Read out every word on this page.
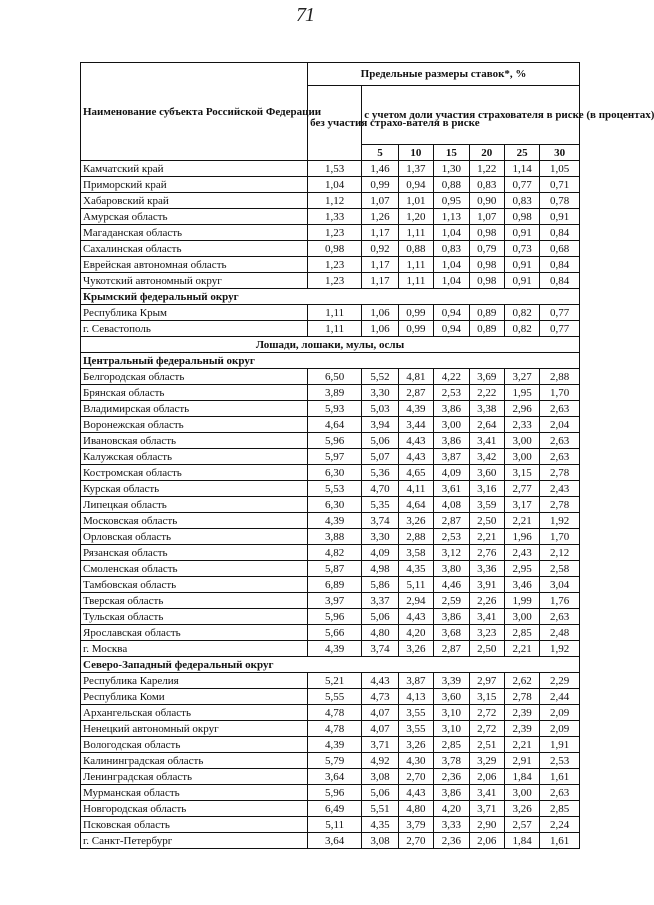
71
Наименование субъекта Российской Федерации	Предельные размеры ставок*, %						
	без участия страхо-вателя в риске	с учетом доли участия страхователя в риске (в процентах)					
		5	10	15	20	25	30
Камчатский край	1,53	1,46	1,37	1,30	1,22	1,14	1,05
Приморский край	1,04	0,99	0,94	0,88	0,83	0,77	0,71
Хабаровский край	1,12	1,07	1,01	0,95	0,90	0,83	0,78
Амурская область	1,33	1,26	1,20	1,13	1,07	0,98	0,91
Магаданская область	1,23	1,17	1,11	1,04	0,98	0,91	0,84
Сахалинская область	0,98	0,92	0,88	0,83	0,79	0,73	0,68
Еврейская автономная область	1,23	1,17	1,11	1,04	0,98	0,91	0,84
Чукотский автономный округ	1,23	1,17	1,11	1,04	0,98	0,91	0,84
Крымский федеральный округ							
Республика Крым	1,11	1,06	0,99	0,94	0,89	0,82	0,77
г. Севастополь	1,11	1,06	0,99	0,94	0,89	0,82	0,77
Лошади, лошаки, мулы, ослы							
Центральный федеральный округ							
Белгородская область	6,50	5,52	4,81	4,22	3,69	3,27	2,88
Брянская область	3,89	3,30	2,87	2,53	2,22	1,95	1,70
Владимирская область	5,93	5,03	4,39	3,86	3,38	2,96	2,63
Воронежская область	4,64	3,94	3,44	3,00	2,64	2,33	2,04
Ивановская область	5,96	5,06	4,43	3,86	3,41	3,00	2,63
Калужская область	5,97	5,07	4,43	3,87	3,42	3,00	2,63
Костромская область	6,30	5,36	4,65	4,09	3,60	3,15	2,78
Курская область	5,53	4,70	4,11	3,61	3,16	2,77	2,43
Липецкая область	6,30	5,35	4,64	4,08	3,59	3,17	2,78
Московская область	4,39	3,74	3,26	2,87	2,50	2,21	1,92
Орловская область	3,88	3,30	2,88	2,53	2,21	1,96	1,70
Рязанская область	4,82	4,09	3,58	3,12	2,76	2,43	2,12
Смоленская область	5,87	4,98	4,35	3,80	3,36	2,95	2,58
Тамбовская область	6,89	5,86	5,11	4,46	3,91	3,46	3,04
Тверская область	3,97	3,37	2,94	2,59	2,26	1,99	1,76
Тульская область	5,96	5,06	4,43	3,86	3,41	3,00	2,63
Ярославская область	5,66	4,80	4,20	3,68	3,23	2,85	2,48
г. Москва	4,39	3,74	3,26	2,87	2,50	2,21	1,92
Северо-Западный федеральный округ							
Республика Карелия	5,21	4,43	3,87	3,39	2,97	2,62	2,29
Республика Коми	5,55	4,73	4,13	3,60	3,15	2,78	2,44
Архангельская область	4,78	4,07	3,55	3,10	2,72	2,39	2,09
Ненецкий автономный округ	4,78	4,07	3,55	3,10	2,72	2,39	2,09
Вологодская область	4,39	3,71	3,26	2,85	2,51	2,21	1,91
Калининградская область	5,79	4,92	4,30	3,78	3,29	2,91	2,53
Ленинградская область	3,64	3,08	2,70	2,36	2,06	1,84	1,61
Мурманская область	5,96	5,06	4,43	3,86	3,41	3,00	2,63
Новгородская область	6,49	5,51	4,80	4,20	3,71	3,26	2,85
Псковская область	5,11	4,35	3,79	3,33	2,90	2,57	2,24
г. Санкт-Петербург	3,64	3,08	2,70	2,36	2,06	1,84	1,61
